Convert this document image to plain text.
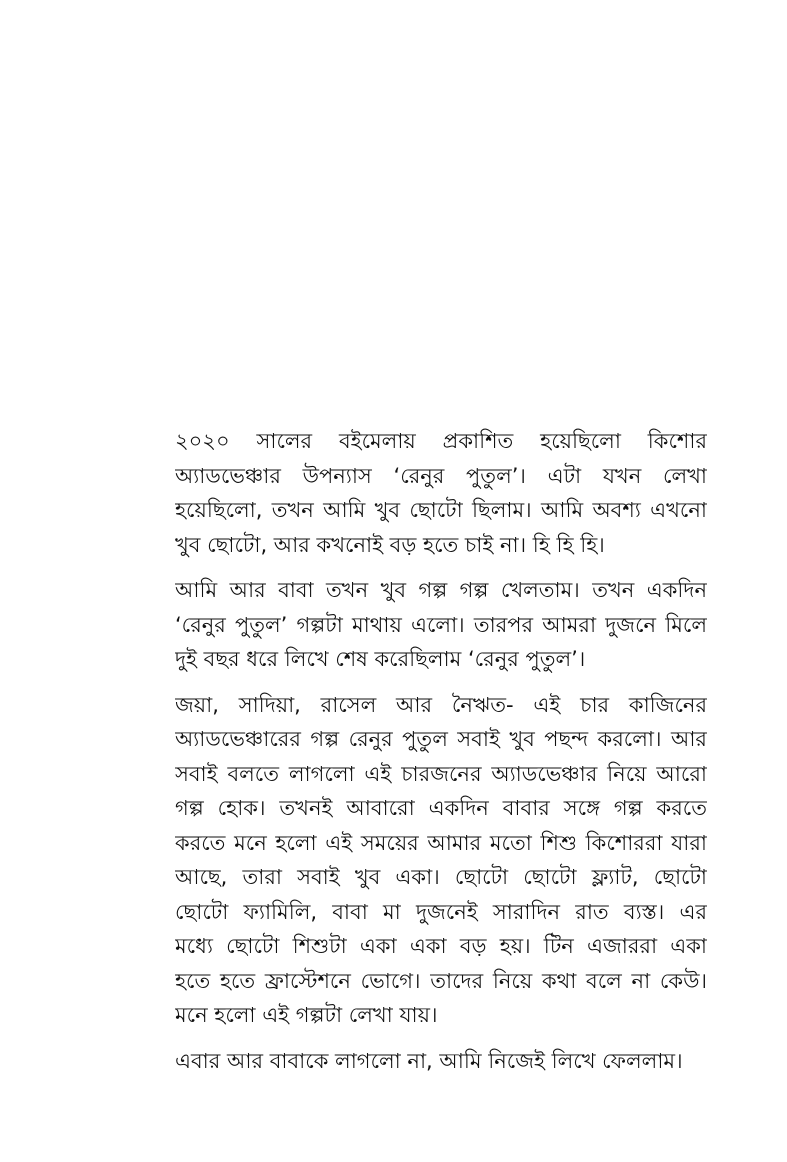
২০২০ সালের বইমেলায় প্রকাশিত হয়েছিলো কিশোর
অ্যাডভেঞ্চার উপন্যাস ‘রেনুর পুতুল’। এটা যখন লেখা
হয়েছিলো, তখন আমি খুব ছোটো ছিলাম। আমি অবশ্য এখনো
খুব ছোটো, আর কখনোই বড় হতে চাই না। হি হি হি।

আমি আর বাবা তখন খুব গল্প গল্প খেলতাম। তখন একদিন
‘রেনুর পুতুল’ গল্পটা মাথায় এলো। তারপর আমরা দুজনে মিলে
দুই বছর ধরে লিখে শেষ করেছিলাম ‘রেনুর পুতুল’।

জয়া, সাদিয়া, রাসেল আর নৈঋত- এই চার কাজিনের
অ্যাডভেঞ্চারের গল্প রেনুর পুতুল সবাই খুব পছন্দ করলো। আর
সবাই বলতে লাগলো এই চারজনের অ্যাডভেঞ্চার নিয়ে আরো
গল্প হোক। তখনই আবারো একদিন বাবার সঙ্গে গল্প করতে
করতে মনে হলো এই সময়ের আমার মতো শিশু কিশোররা যারা
আছে, তারা সবাই খুব একা। ছোটো ছোটো ফ্ল্যাট, ছোটো
ছোটো ফ্যামিলি, বাবা মা দুজনেই সারাদিন রাত ব্যস্ত। এর
মধ্যে ছোটো শিশুটা একা একা বড় হয়। টিন এজাররা একা
হতে হতে ফ্রাস্টেশনে ভোগে। তাদের নিয়ে কথা বলে না কেউ।
মনে হলো এই গল্পটা লেখা যায়।

এবার আর বাবাকে লাগলো না, আমি নিজেই লিখে ফেললাম।
